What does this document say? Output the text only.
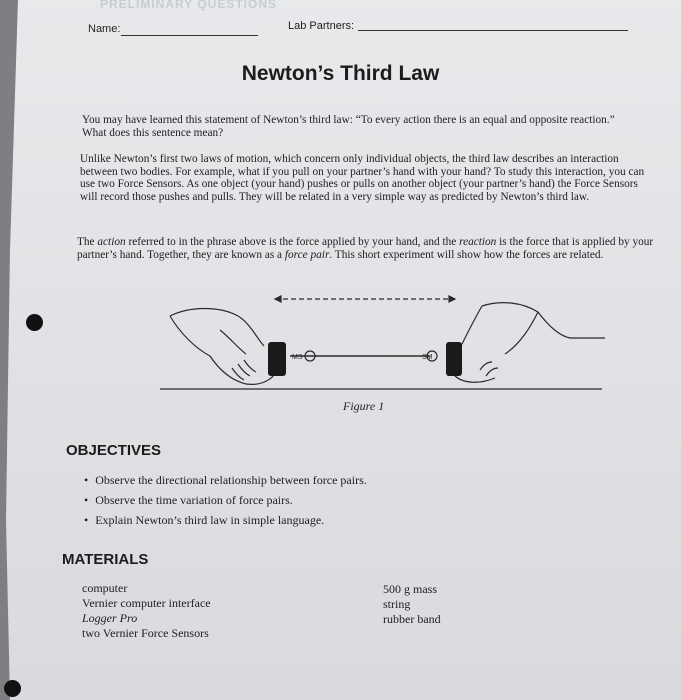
PRELIMINARY QUESTIONS
Name:	Lab Partners:
Newton’s Third Law

You may have learned this statement of Newton’s third law: “To every action there is an equal and opposite reaction.” What does this sentence mean?

Unlike Newton’s first two laws of motion, which concern only individual objects, the third law describes an interaction between two bodies. For example, what if you pull on your partner’s hand with your hand? To study this interaction, you can use two Force Sensors. As one object (your hand) pushes or pulls on another object (your partner’s hand) the Force Sensors will record those pushes and pulls. They will be related in a very simple way as predicted by Newton’s third law.

The action referred to in the phrase above is the force applied by your hand, and the reaction is the force that is applied by your partner’s hand. Together, they are known as a force pair. This short experiment will show how the forces are related.

MS	SM
Figure 1
OBJECTIVES
• Observe the directional relationship between force pairs.
• Observe the time variation of force pairs.
• Explain Newton’s third law in simple language.
MATERIALS
computer
Vernier computer interface
Logger Pro
two Vernier Force Sensors
500 g mass
string
rubber band
